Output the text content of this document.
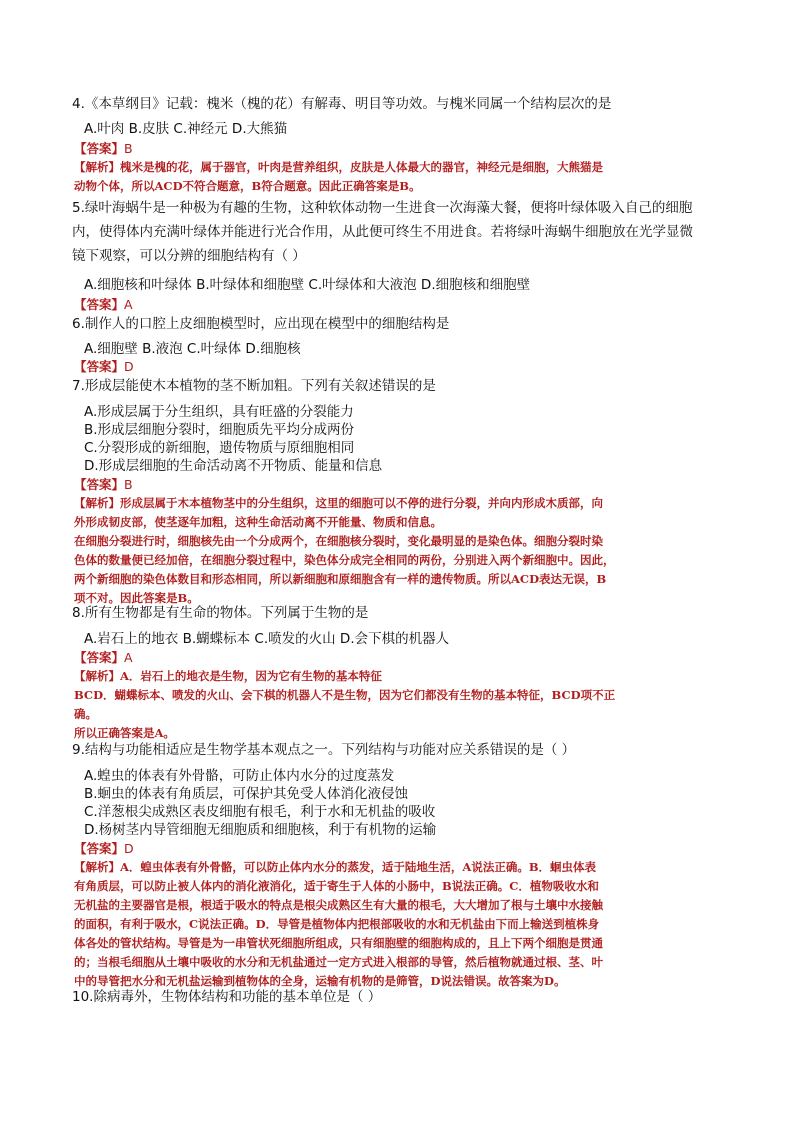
4.《本草纲目》记载：槐米（槐的花）有解毒、明目等功效。与槐米同属一个结构层次的是

A.叶肉 B.皮肤 C.神经元 D.大熊猫

【答案】B

【解析】槐米是槐的花，属于器官，叶肉是营养组织，皮肤是人体最大的器官，神经元是细胞，大熊猫是
动物个体，所以ACD不符合题意，B符合题意。因此正确答案是B。
5.绿叶海蜗牛是一种极为有趣的生物，这种软体动物一生进食一次海藻大餐，便将叶绿体吸入自己的细胞
内，使得体内充满叶绿体并能进行光合作用，从此便可终生不用进食。若将绿叶海蜗牛细胞放在光学显微
镜下观察，可以分辨的细胞结构有（ ）

A.细胞核和叶绿体 B.叶绿体和细胞壁 C.叶绿体和大液泡 D.细胞核和细胞壁

【答案】A

6.制作人的口腔上皮细胞模型时，应出现在模型中的细胞结构是

A.细胞壁 B.液泡 C.叶绿体 D.细胞核

【答案】D

7.形成层能使木本植物的茎不断加粗。下列有关叙述错误的是

A.形成层属于分生组织，具有旺盛的分裂能力
B.形成层细胞分裂时，细胞质先平均分成两份
C.分裂形成的新细胞，遗传物质与原细胞相同
D.形成层细胞的生命活动离不开物质、能量和信息

【答案】B

【解析】形成层属于木本植物茎中的分生组织，这里的细胞可以不停的进行分裂，并向内形成木质部，向
外形成韧皮部，使茎逐年加粗，这种生命活动离不开能量、物质和信息。
在细胞分裂进行时，细胞核先由一个分成两个，在细胞核分裂时，变化最明显的是染色体。细胞分裂时染
色体的数量便已经加倍，在细胞分裂过程中，染色体分成完全相同的两份，分别进入两个新细胞中。因此，
两个新细胞的染色体数目和形态相同，所以新细胞和原细胞含有一样的遗传物质。所以ACD表达无误，B
项不对。因此答案是B。

8.所有生物都是有生命的物体。下列属于生物的是

A.岩石上的地衣 B.蝴蝶标本 C.喷发的火山 D.会下棋的机器人

【答案】A

【解析】A．岩石上的地衣是生物，因为它有生物的基本特征
BCD．蝴蝶标本、喷发的火山、会下棋的机器人不是生物，因为它们都没有生物的基本特征，BCD项不正
确。
所以正确答案是A。

9.结构与功能相适应是生物学基本观点之一。下列结构与功能对应关系错误的是（ ）

A.蝗虫的体表有外骨骼，可防止体内水分的过度蒸发
B.蛔虫的体表有角质层，可保护其免受人体消化液侵蚀
C.洋葱根尖成熟区表皮细胞有根毛，利于水和无机盐的吸收
D.杨树茎内导管细胞无细胞质和细胞核，利于有机物的运输

【答案】D

【解析】A．蝗虫体表有外骨骼，可以防止体内水分的蒸发，适于陆地生活，A说法正确。B．蛔虫体表
有角质层，可以防止被人体内的消化液消化，适于寄生于人体的小肠中，B说法正确。C．植物吸收水和
无机盐的主要器官是根，根适于吸水的特点是根尖成熟区生有大量的根毛，大大增加了根与土壤中水接触
的面积，有利于吸水，C说法正确。D．导管是植物体内把根部吸收的水和无机盐由下而上输送到植株身
体各处的管状结构。导管是为一串管状死细胞所组成，只有细胞壁的细胞构成的，且上下两个细胞是贯通
的；当根毛细胞从土壤中吸收的水分和无机盐通过一定方式进入根部的导管，然后植物就通过根、茎、叶
中的导管把水分和无机盐运输到植物体的全身，运输有机物的是筛管，D说法错误。故答案为D。

10.除病毒外，生物体结构和功能的基本单位是（ ）
